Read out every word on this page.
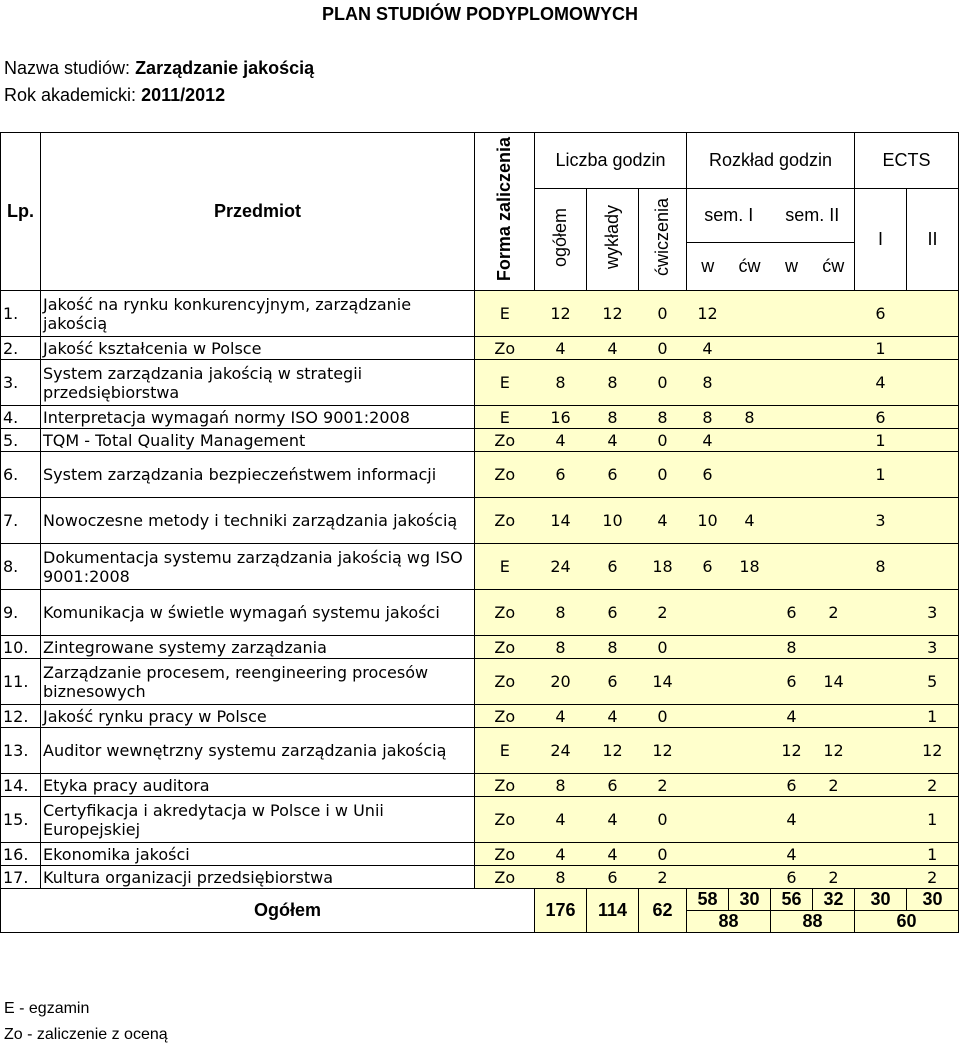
PLAN STUDIÓW PODYPLOMOWYCH
Nazwa studiów: Zarządzanie jakością
Rok akademicki: 2011/2012
Lp.	Przedmiot	Forma zaliczenia	Liczba godzin			Rozkład godzin				ECTS	
			ogółem	wykłady	ćwiczenia	sem. I		sem. II		I	II
						w	ćw	w	ćw		
1.	Jakość na rynku konkurencyjnym, zarządzanie jakością	E	12	12	0	12				6	
2.	Jakość kształcenia w Polsce	Zo	4	4	0	4				1	
3.	System zarządzania jakością w strategii przedsiębiorstwa	E	8	8	0	8				4	
4.	Interpretacja wymagań normy ISO 9001:2008	E	16	8	8	8	8			6	
5.	TQM - Total Quality Management	Zo	4	4	0	4				1	
6.	System zarządzania bezpieczeństwem informacji	Zo	6	6	0	6				1	
7.	Nowoczesne metody i techniki zarządzania jakością	Zo	14	10	4	10	4			3	
8.	Dokumentacja systemu zarządzania jakością wg ISO 9001:2008	E	24	6	18	6	18			8	
9.	Komunikacja w świetle wymagań systemu jakości	Zo	8	6	2			6	2		3
10.	Zintegrowane systemy zarządzania	Zo	8	8	0			8			3
11.	Zarządzanie procesem, reengineering procesów biznesowych	Zo	20	6	14			6	14		5
12.	Jakość rynku pracy w Polsce	Zo	4	4	0			4			1
13.	Auditor wewnętrzny systemu zarządzania jakością	E	24	12	12			12	12		12
14.	Etyka pracy auditora	Zo	8	6	2			6	2		2
15.	Certyfikacja i akredytacja w Polsce i w Unii Europejskiej	Zo	4	4	0			4			1
16.	Ekonomika jakości	Zo	4	4	0			4			1
17.	Kultura organizacji przedsiębiorstwa	Zo	8	6	2			6	2		2
Ogółem			176	114	62	58	30	56	32	30	30
						88		88		60	
E - egzamin
Zo - zaliczenie z oceną
